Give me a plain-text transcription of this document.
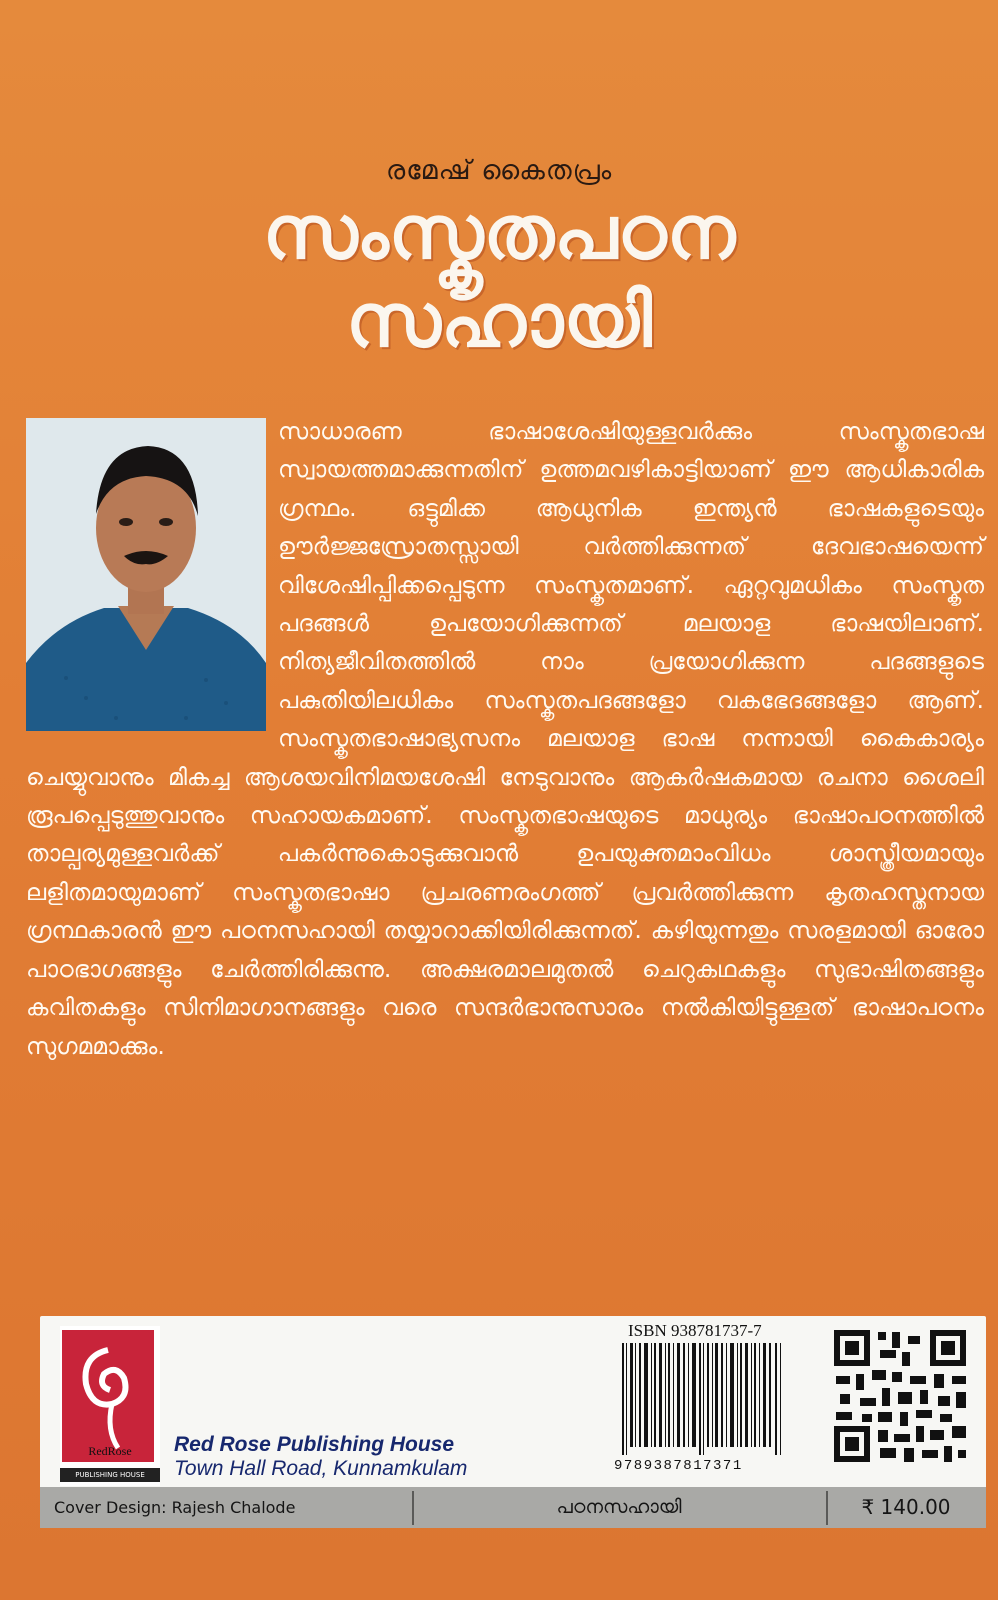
രമേഷ് കൈതപ്രം
സംസ്കൃതപഠന
സഹായി
സാധാരണ ഭാഷാശേഷിയുള്ളവർക്കും സംസ്കൃതഭാഷ സ്വായത്തമാക്കുന്നതിന് ഉത്തമവഴികാട്ടിയാണ് ഈ ആധികാരിക ഗ്രന്ഥം. ഒട്ടുമിക്ക ആധുനിക ഇന്ത്യൻ ഭാഷകളുടെയും ഊർജ്ജസ്രോതസ്സായി വർത്തിക്കുന്നത് ദേവഭാഷയെന്ന് വിശേഷിപ്പിക്കപ്പെടുന്ന സംസ്കൃതമാണ്. ഏറ്റവുമധികം സംസ്കൃത പദങ്ങൾ ഉപയോഗിക്കുന്നത് മലയാള ഭാഷയിലാണ്. നിത്യജീവിതത്തിൽ നാം പ്രയോഗിക്കുന്ന പദങ്ങളുടെ പകുതിയിലധികം സംസ്കൃതപദങ്ങളോ വകഭേദങ്ങളോ ആണ്. സംസ്കൃതഭാഷാഭ്യസനം മലയാള ഭാഷ നന്നായി കൈകാര്യം ചെയ്യുവാനും മികച്ച ആശയവിനിമയശേഷി നേടുവാനും ആകർഷകമായ രചനാ ശൈലി രൂപപ്പെടുത്തുവാനും സഹായകമാണ്. സംസ്കൃതഭാഷയുടെ മാധുര്യം ഭാഷാപഠനത്തിൽ താല്പര്യമുള്ളവർക്ക് പകർന്നുകൊടുക്കുവാൻ ഉപയുക്തമാംവിധം ശാസ്ത്രീയമായും ലളിതമായുമാണ് സംസ്കൃതഭാഷാ പ്രചരണരംഗത്ത് പ്രവർത്തിക്കുന്ന കൃതഹസ്തനായ ഗ്രന്ഥകാരൻ ഈ പഠനസഹായി തയ്യാറാക്കിയിരിക്കുന്നത്. കഴിയുന്നതും സരളമായി ഓരോ പാഠഭാഗങ്ങളും ചേർത്തിരിക്കുന്നു. അക്ഷരമാലമുതൽ ചെറുകഥകളും സുഭാഷിതങ്ങളും കവിതകളും സിനിമാഗാനങ്ങളും വരെ സന്ദർഭാനുസാരം നൽകിയിട്ടുള്ളത് ഭാഷാപഠനം സുഗമമാക്കും.
RedRose
PUBLISHING HOUSE
Red Rose Publishing House
Town Hall Road, Kunnamkulam
ISBN 938781737-7
9789387817371
Cover Design: Rajesh Chalode	പഠനസഹായി	₹ 140.00
